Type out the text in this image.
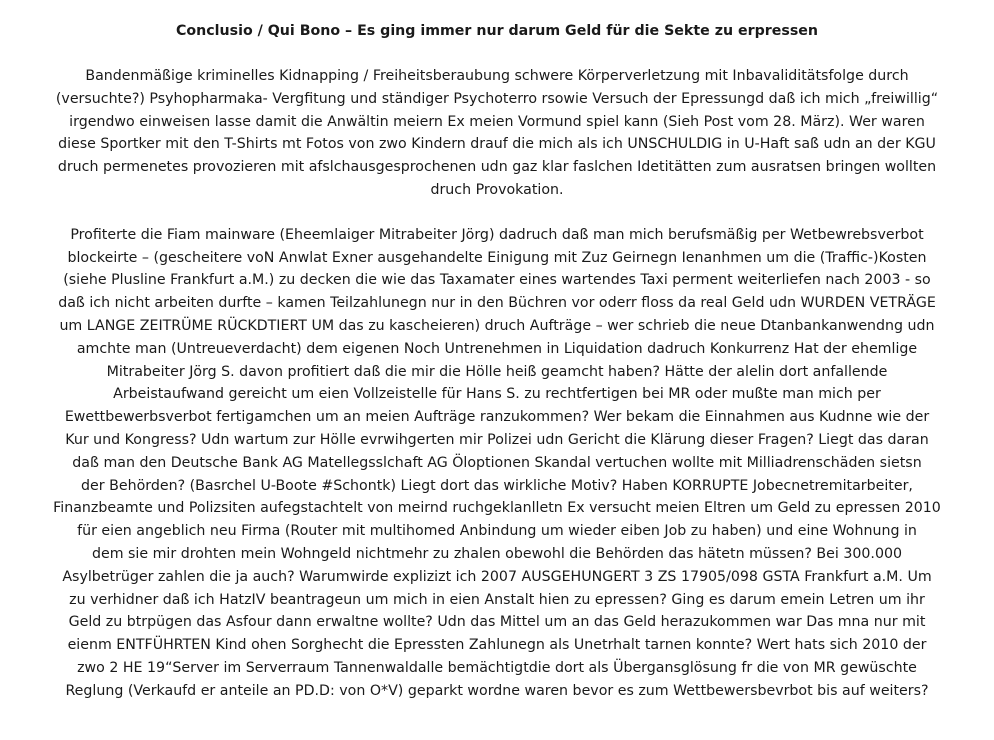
Conclusio / Qui Bono – Es ging immer nur darum Geld für die Sekte zu erpressen
Bandenmäßige kriminelles Kidnapping / Freiheitsberaubung schwere Körperverletzung mit Inbavaliditätsfolge durch
(versuchte?) Psyhopharmaka- Vergfitung und ständiger Psychoterro rsowie Versuch der Epressungd daß ich mich „freiwillig“
irgendwo einweisen lasse damit die Anwältin meiern Ex meien Vormund spiel kann (Sieh Post vom 28. März). Wer waren
diese Sportker mit den T-Shirts mt Fotos von zwo Kindern drauf die mich als ich UNSCHULDIG in U-Haft saß udn an der KGU
druch permenetes provozieren mit afslchausgesprochenen udn gaz klar faslchen Idetitätten zum ausratsen bringen wollten
druch Provokation.
Profiterte die Fiam mainware (Eheemlaiger Mitrabeiter Jörg) dadruch daß man mich berufsmäßig per Wetbewrebsverbot
blockeirte – (gescheitere voN Anwlat Exner ausgehandelte Einigung mit Zuz Geirnegn Ienanhmen um die (Traffic-)Kosten
(siehe Plusline Frankfurt a.M.) zu decken die wie das Taxamater eines wartendes Taxi perment weiterliefen nach 2003 - so
daß ich nicht arbeiten durfte – kamen Teilzahlunegn nur in den Büchren vor oderr floss da real Geld udn WURDEN VETRÄGE
um LANGE ZEITRÜME RÜCKDTIERT UM das zu kascheieren) druch Aufträge – wer schrieb die neue Dtanbankanwendng udn
amchte man (Untreueverdacht) dem eigenen Noch Untrenehmen in Liquidation dadruch Konkurrenz Hat der ehemlige
Mitrabeiter Jörg S. davon profitiert daß die mir die Hölle heiß geamcht haben? Hätte der alelin dort anfallende
Arbeistaufwand gereicht um eien Vollzeistelle für Hans S. zu rechtfertigen bei MR oder mußte man mich per
Ewettbewerbsverbot fertigamchen um an meien Aufträge ranzukommen? Wer bekam die Einnahmen aus Kudnne wie der
Kur und Kongress? Udn wartum zur Hölle evrwihgerten mir Polizei udn Gericht die Klärung dieser Fragen? Liegt das daran
daß man den Deutsche Bank AG Matellegsslchaft AG Öloptionen Skandal vertuchen wollte mit Milliadrenschäden sietsn
der Behörden? (Basrchel U-Boote #Schontk) Liegt dort das wirkliche Motiv? Haben KORRUPTE Jobecnetremitarbeiter,
Finanzbeamte und Polizsiten aufegstachtelt von meirnd ruchgeklanlletn Ex versucht meien Eltren um Geld zu epressen 2010
für eien angeblich neu Firma (Router mit multihomed Anbindung um wieder eiben Job zu haben) und eine Wohnung in
dem sie mir drohten mein Wohngeld nichtmehr zu zhalen obewohl die Behörden das hätetn müssen? Bei 300.000
Asylbetrüger zahlen die ja auch? Warumwirde explizizt ich 2007 AUSGEHUNGERT 3 ZS 17905/098 GSTA Frankfurt a.M. Um
zu verhidner daß ich HatzIV beantrageun um mich in eien Anstalt hien zu epressen? Ging es darum emein Letren um ihr
Geld zu btrpügen das Asfour dann erwaltne wollte? Udn das Mittel um an das Geld herazukommen war Das mna nur mit
eienm ENTFÜHRTEN Kind ohen Sorghecht die Epressten Zahlunegn als Unetrhalt tarnen konnte? Wert hats sich 2010 der
zwo 2 HE 19“Server im Serverraum Tannenwaldalle bemächtigtdie dort als Übergansglösung fr die von MR gewüschte
Reglung (Verkaufd er anteile an PD.D: von O*V) geparkt wordne waren bevor es zum Wettbewersbevrbot bis auf weiters?
